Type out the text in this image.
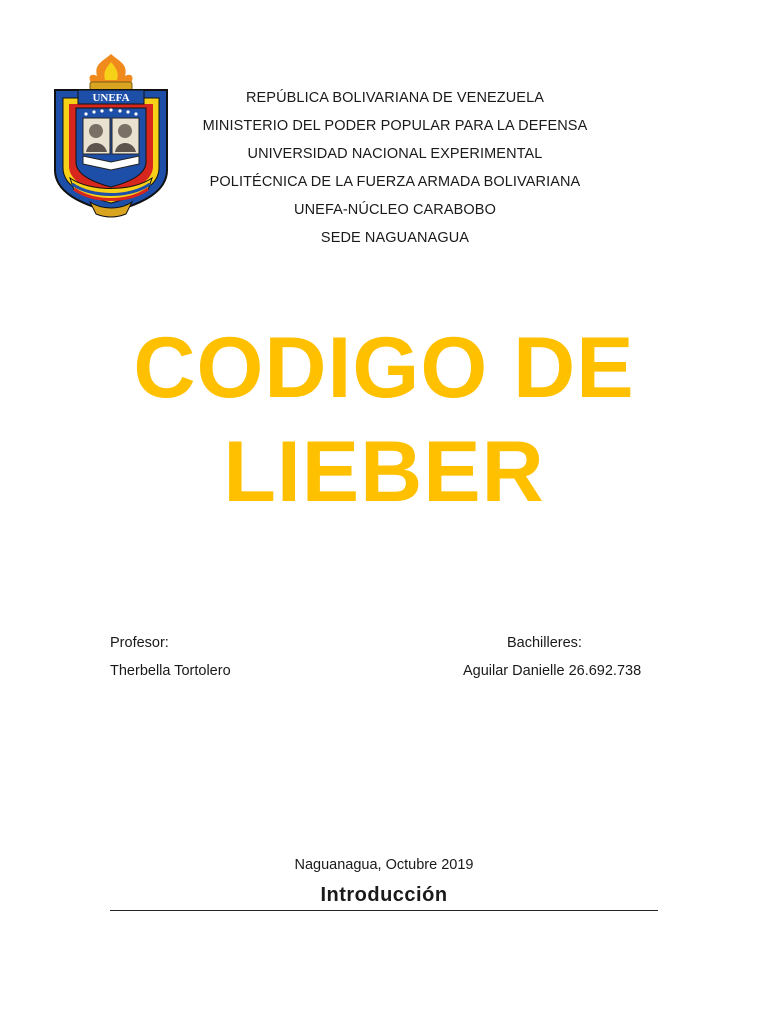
UNEFA	REPÚBLICA BOLIVARIANA DE VENEZUELA
MINISTERIO DEL PODER POPULAR PARA LA DEFENSA
UNIVERSIDAD NACIONAL EXPERIMENTAL
POLITÉCNICA DE LA FUERZA ARMADA BOLIVARIANA
UNEFA-NÚCLEO CARABOBO
SEDE NAGUANAGUA
CODIGO DE
LIEBER
Profesor:
Therbella Tortolero
Bachilleres:
Aguilar Danielle 26.692.738
Naguanagua, Octubre 2019
Introducción
